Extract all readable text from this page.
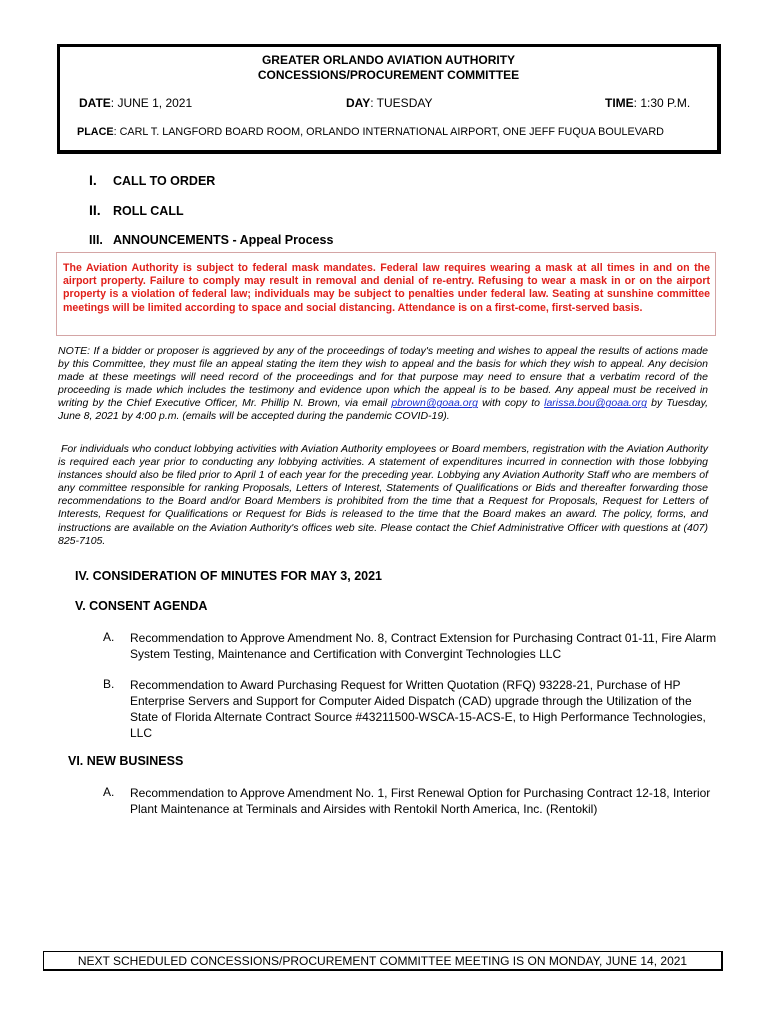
GREATER ORLANDO AVIATION AUTHORITY
CONCESSIONS/PROCUREMENT COMMITTEE
DATE: JUNE 1, 2021	DAY: TUESDAY	TIME: 1:30 P.M.
PLACE: CARL T. LANGFORD BOARD ROOM, ORLANDO INTERNATIONAL AIRPORT, ONE JEFF FUQUA BOULEVARD
I. CALL TO ORDER
II. ROLL CALL
III. ANNOUNCEMENTS - Appeal Process
The Aviation Authority is subject to federal mask mandates. Federal law requires wearing a mask at all times in and on the airport property. Failure to comply may result in removal and denial of re-entry. Refusing to wear a mask in or on the airport property is a violation of federal law; individuals may be subject to penalties under federal law. Seating at sunshine committee meetings will be limited according to space and social distancing. Attendance is on a first-come, first-served basis.
NOTE: If a bidder or proposer is aggrieved by any of the proceedings of today's meeting and wishes to appeal the results of actions made by this Committee, they must file an appeal stating the item they wish to appeal and the basis for which they wish to appeal. Any decision made at these meetings will need record of the proceedings and for that purpose may need to ensure that a verbatim record of the proceeding is made which includes the testimony and evidence upon which the appeal is to be based. Any appeal must be received in writing by the Chief Executive Officer, Mr. Phillip N. Brown, via email pbrown@goaa.org with copy to larissa.bou@goaa.org by Tuesday, June 8, 2021 by 4:00 p.m. (emails will be accepted during the pandemic COVID-19).
For individuals who conduct lobbying activities with Aviation Authority employees or Board members, registration with the Aviation Authority is required each year prior to conducting any lobbying activities. A statement of expenditures incurred in connection with those lobbying instances should also be filed prior to April 1 of each year for the preceding year. Lobbying any Aviation Authority Staff who are members of any committee responsible for ranking Proposals, Letters of Interest, Statements of Qualifications or Bids and thereafter forwarding those recommendations to the Board and/or Board Members is prohibited from the time that a Request for Proposals, Request for Letters of Interests, Request for Qualifications or Request for Bids is released to the time that the Board makes an award. The policy, forms, and instructions are available on the Aviation Authority's offices web site. Please contact the Chief Administrative Officer with questions at (407) 825-7105.
IV. CONSIDERATION OF MINUTES FOR MAY 3, 2021
V. CONSENT AGENDA
A. Recommendation to Approve Amendment No. 8, Contract Extension for Purchasing Contract 01-11, Fire Alarm System Testing, Maintenance and Certification with Convergint Technologies LLC
B. Recommendation to Award Purchasing Request for Written Quotation (RFQ) 93228-21, Purchase of HP Enterprise Servers and Support for Computer Aided Dispatch (CAD) upgrade through the Utilization of the State of Florida Alternate Contract Source #43211500-WSCA-15-ACS-E, to High Performance Technologies, LLC
VI. NEW BUSINESS
A. Recommendation to Approve Amendment No. 1, First Renewal Option for Purchasing Contract 12-18, Interior Plant Maintenance at Terminals and Airsides with Rentokil North America, Inc. (Rentokil)
NEXT SCHEDULED CONCESSIONS/PROCUREMENT COMMITTEE MEETING IS ON MONDAY, JUNE 14, 2021
